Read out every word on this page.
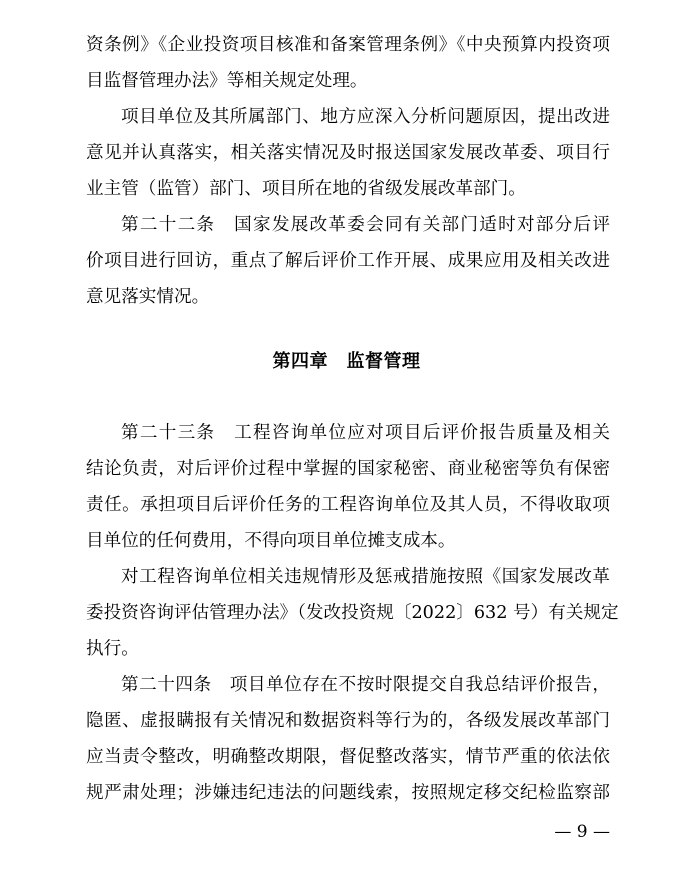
资条例》《企业投资项目核准和备案管理条例》《中央预算内投资项
目监督管理办法》等相关规定处理。
项目单位及其所属部门、地方应深入分析问题原因，提出改进
意见并认真落实，相关落实情况及时报送国家发展改革委、项目行
业主管（监管）部门、项目所在地的省级发展改革部门。
第二十二条　国家发展改革委会同有关部门适时对部分后评
价项目进行回访，重点了解后评价工作开展、成果应用及相关改进
意见落实情况。
第四章　监督管理
第二十三条　工程咨询单位应对项目后评价报告质量及相关
结论负责，对后评价过程中掌握的国家秘密、商业秘密等负有保密
责任。承担项目后评价任务的工程咨询单位及其人员，不得收取项
目单位的任何费用，不得向项目单位摊支成本。
对工程咨询单位相关违规情形及惩戒措施按照《国家发展改革
委投资咨询评估管理办法》（发改投资规〔2022〕632 号）有关规定
执行。
第二十四条　项目单位存在不按时限提交自我总结评价报告，
隐匿、虚报瞒报有关情况和数据资料等行为的，各级发展改革部门
应当责令整改，明确整改期限，督促整改落实，情节严重的依法依
规严肃处理；涉嫌违纪违法的问题线索，按照规定移交纪检监察部
— 9 —
